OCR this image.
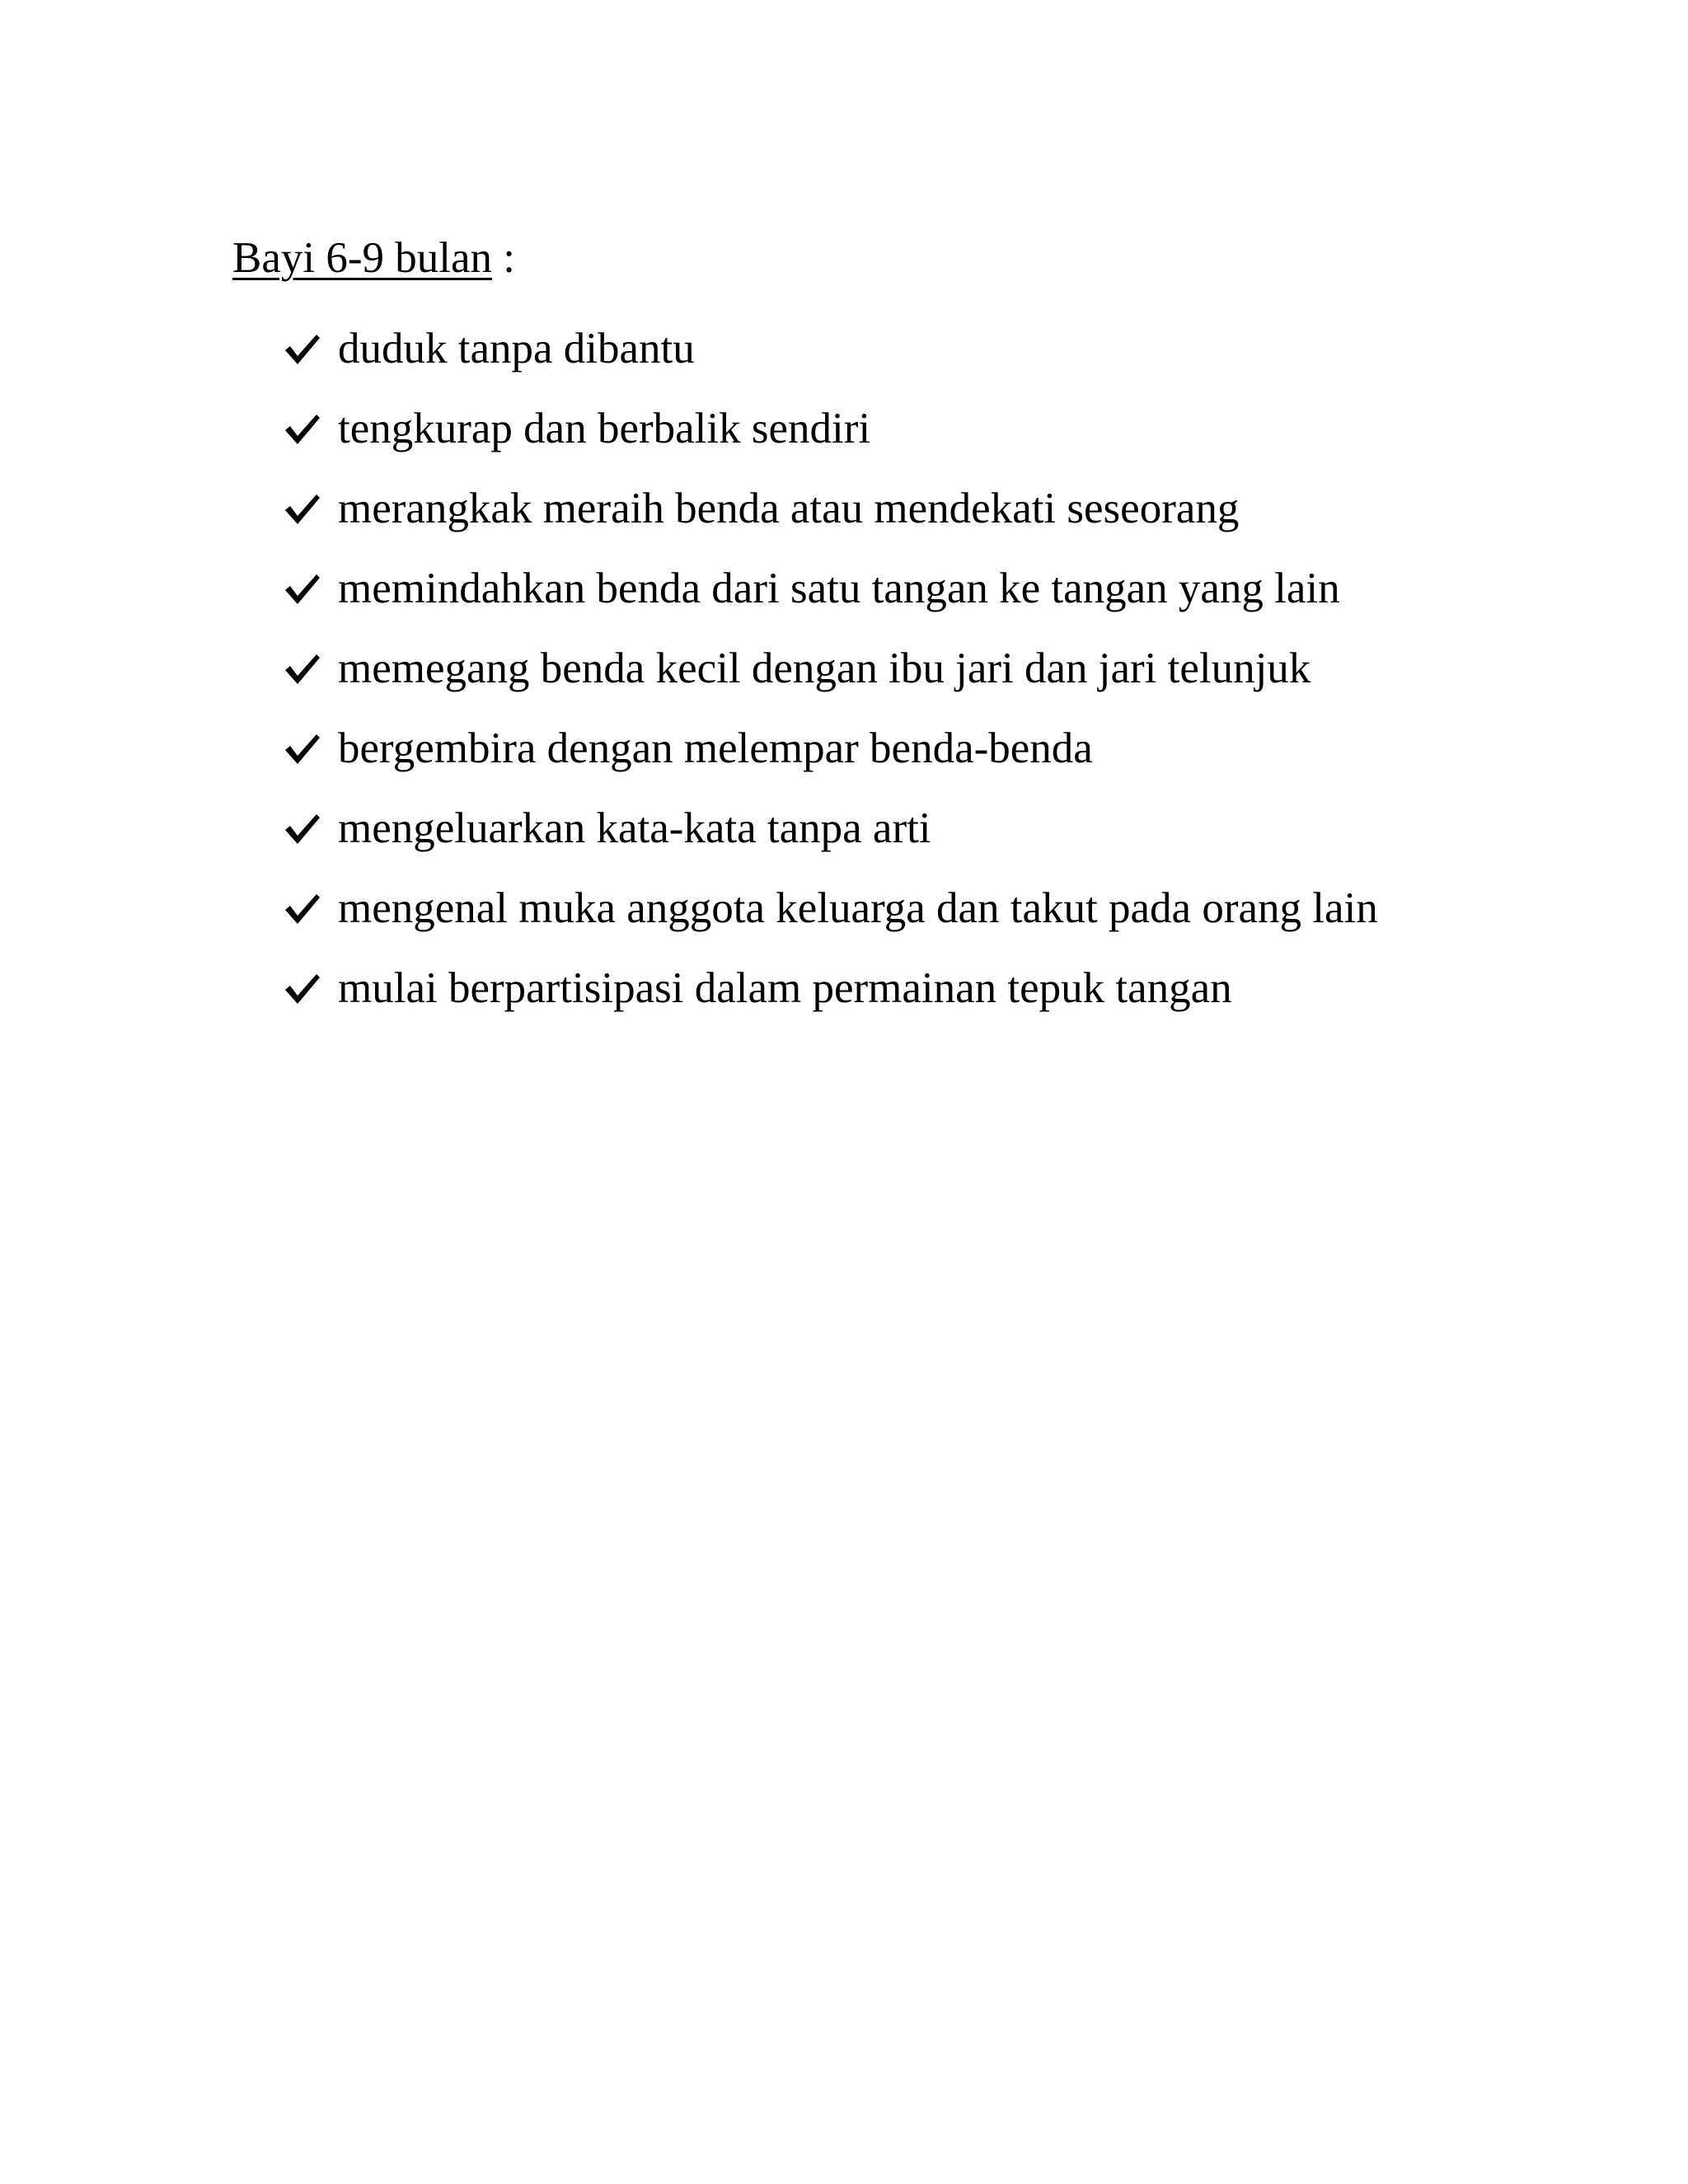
Bayi 6-9 bulan :
duduk tanpa dibantu
tengkurap dan berbalik sendiri
merangkak meraih benda atau mendekati seseorang
memindahkan benda dari satu tangan ke tangan yang lain
memegang benda kecil dengan ibu jari dan jari telunjuk
bergembira dengan melempar benda-benda
mengeluarkan kata-kata tanpa arti
mengenal muka anggota keluarga dan takut pada orang lain
mulai berpartisipasi dalam permainan tepuk tangan
